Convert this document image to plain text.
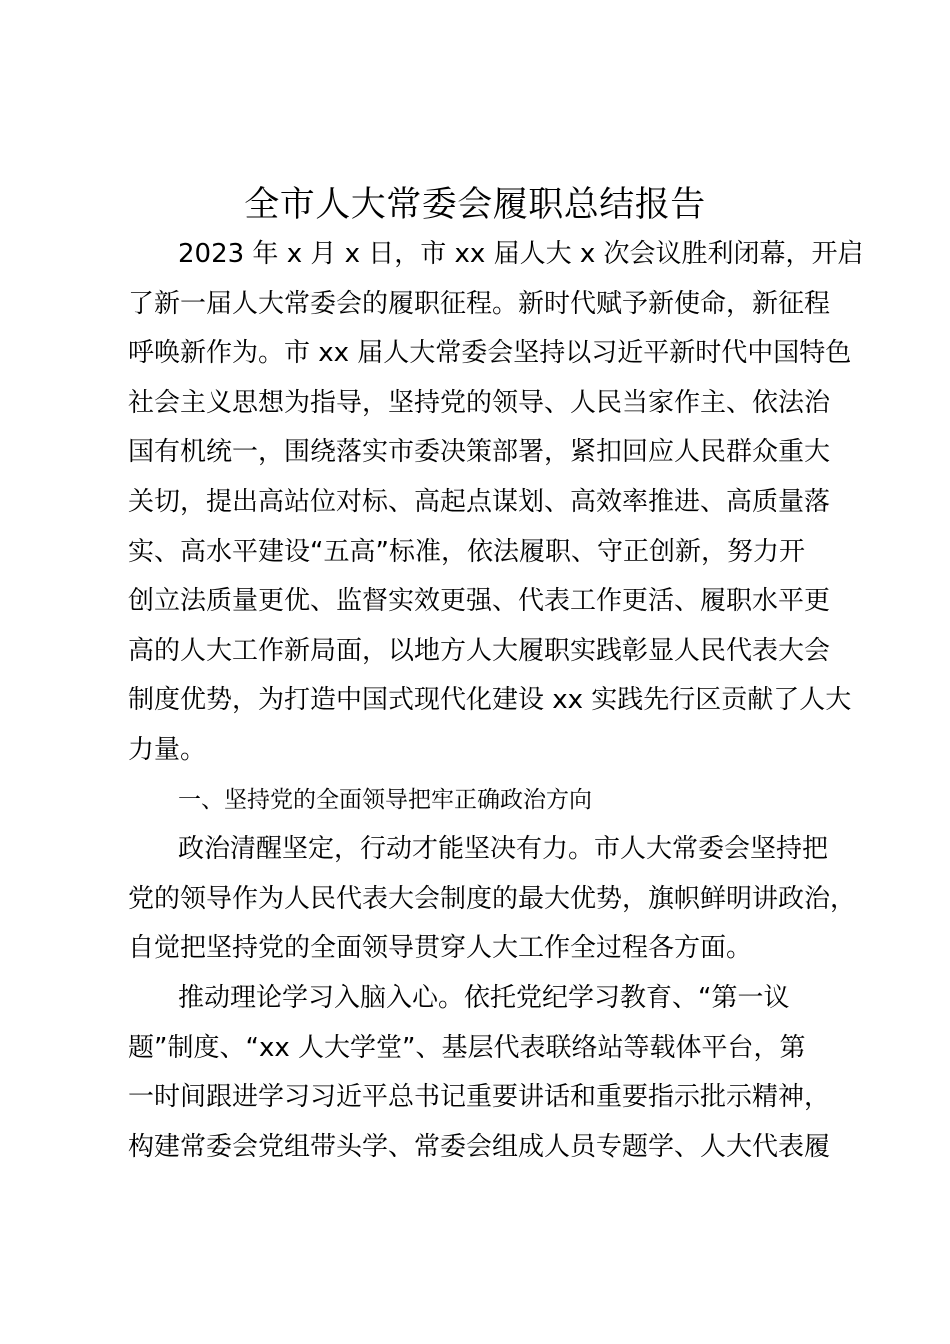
全市人大常委会履职总结报告
2023 年 x 月 x 日，市 xx 届人大 x 次会议胜利闭幕，开启
了新一届人大常委会的履职征程。新时代赋予新使命，新征程
呼唤新作为。市 xx 届人大常委会坚持以习近平新时代中国特色
社会主义思想为指导，坚持党的领导、人民当家作主、依法治
国有机统一，围绕落实市委决策部署，紧扣回应人民群众重大
关切，提出高站位对标、高起点谋划、高效率推进、高质量落
实、高水平建设“五高”标准，依法履职、守正创新，努力开
创立法质量更优、监督实效更强、代表工作更活、履职水平更
高的人大工作新局面，以地方人大履职实践彰显人民代表大会
制度优势，为打造中国式现代化建设 xx 实践先行区贡献了人大
力量。
一、坚持党的全面领导把牢正确政治方向
政治清醒坚定，行动才能坚决有力。市人大常委会坚持把
党的领导作为人民代表大会制度的最大优势，旗帜鲜明讲政治，
自觉把坚持党的全面领导贯穿人大工作全过程各方面。
推动理论学习入脑入心。依托党纪学习教育、“第一议
题”制度、“xx 人大学堂”、基层代表联络站等载体平台，第
一时间跟进学习习近平总书记重要讲话和重要指示批示精神，
构建常委会党组带头学、常委会组成人员专题学、人大代表履
